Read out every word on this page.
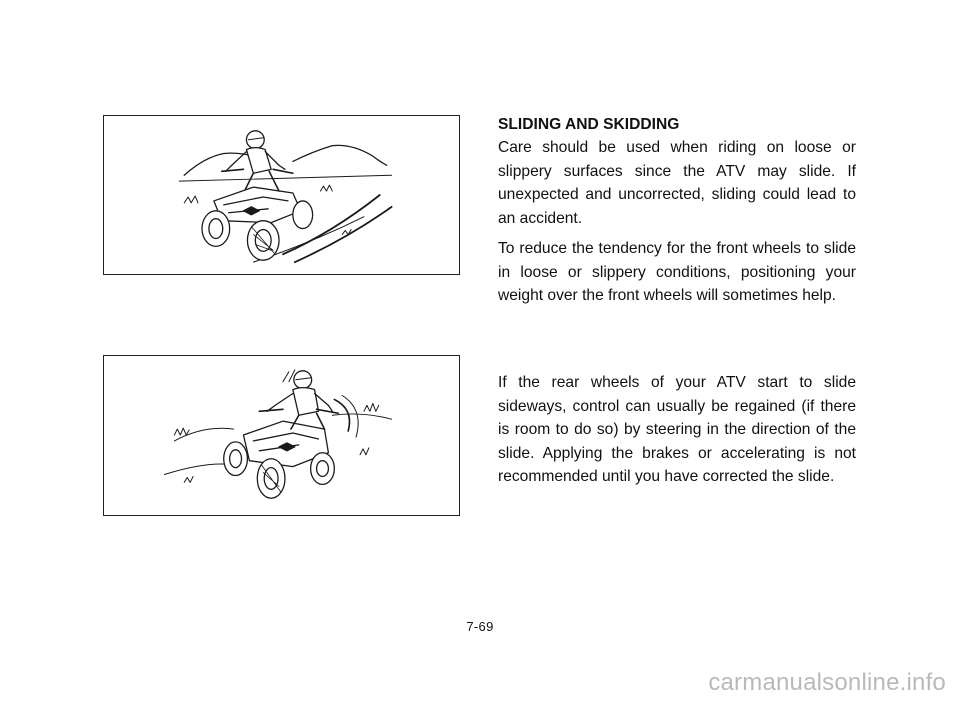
SLIDING AND SKIDDING

Care should be used when riding on loose or slippery surfaces since the ATV may slide. If unexpected and uncorrected, sliding could lead to an accident.

To reduce the tendency for the front wheels to slide in loose or slippery conditions, positioning your weight over the front wheels will sometimes help.

If the rear wheels of your ATV start to slide sideways, control can usually be regained (if there is room to do so) by steering in the direction of the slide. Applying the brakes or accelerating is not recommended until you have corrected the slide.

7-69
carmanualsonline.info
